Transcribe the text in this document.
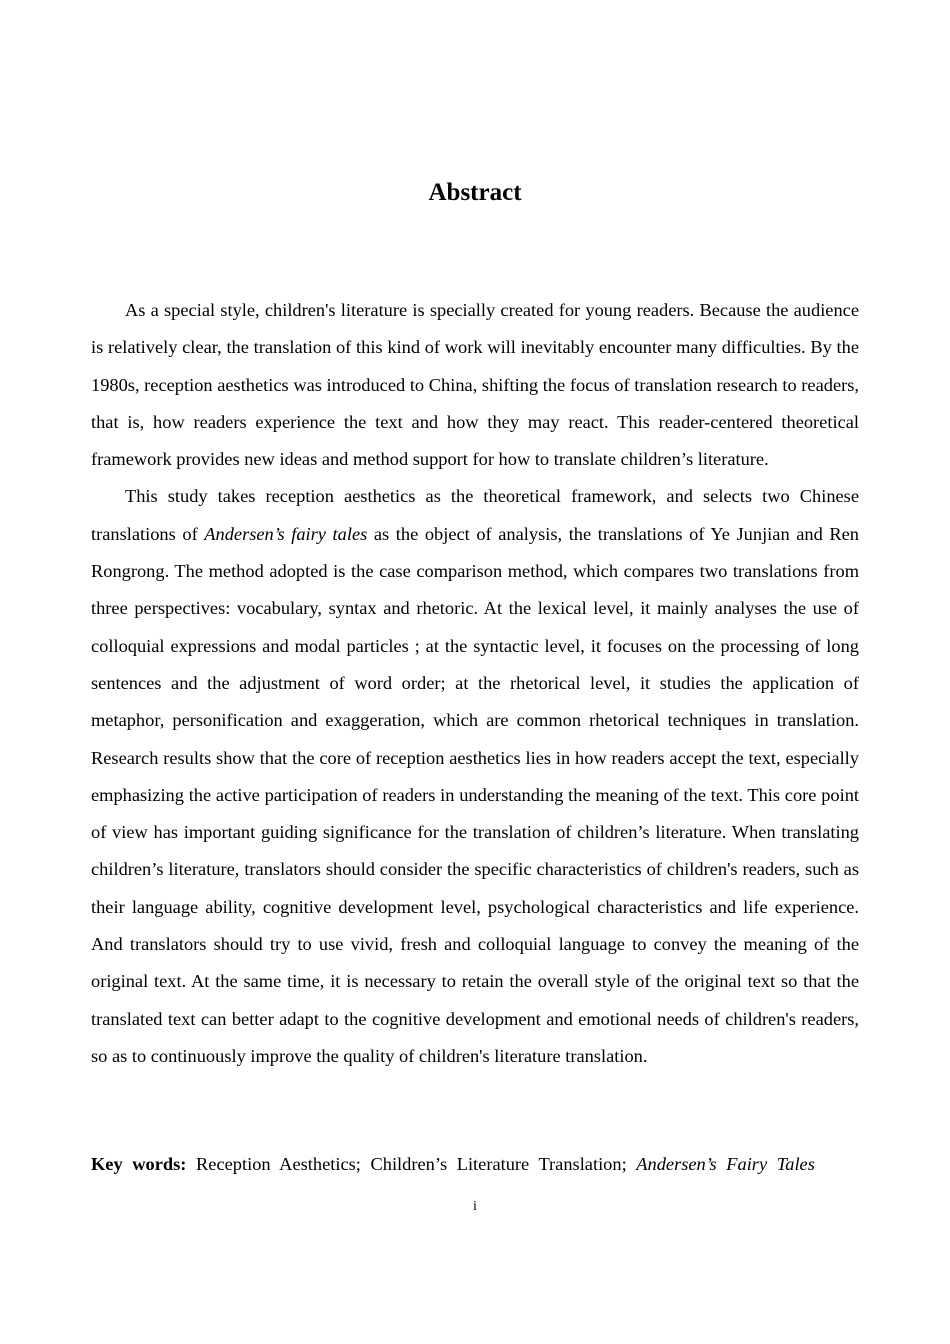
Abstract

As a special style, children's literature is specially created for young readers. Because the audience is relatively clear, the translation of this kind of work will inevitably encounter many difficulties. By the 1980s, reception aesthetics was introduced to China, shifting the focus of translation research to readers, that is, how readers experience the text and how they may react. This reader-centered theoretical framework provides new ideas and method support for how to translate children’s literature.

This study takes reception aesthetics as the theoretical framework, and selects two Chinese translations of Andersen’s fairy tales as the object of analysis, the translations of Ye Junjian and Ren Rongrong. The method adopted is the case comparison method, which compares two translations from three perspectives: vocabulary, syntax and rhetoric. At the lexical level, it mainly analyses the use of colloquial expressions and modal particles ; at the syntactic level, it focuses on the processing of long sentences and the adjustment of word order; at the rhetorical level, it studies the application of metaphor, personification and exaggeration, which are common rhetorical techniques in translation. Research results show that the core of reception aesthetics lies in how readers accept the text, especially emphasizing the active participation of readers in understanding the meaning of the text. This core point of view has important guiding significance for the translation of children’s literature. When translating children’s literature, translators should consider the specific characteristics of children's readers, such as their language ability, cognitive development level, psychological characteristics and life experience. And translators should try to use vivid, fresh and colloquial language to convey the meaning of the original text. At the same time, it is necessary to retain the overall style of the original text so that the translated text can better adapt to the cognitive development and emotional needs of children's readers, so as to continuously improve the quality of children's literature translation.

Key words: Reception Aesthetics; Children’s Literature Translation; Andersen’s Fairy Tales
i
